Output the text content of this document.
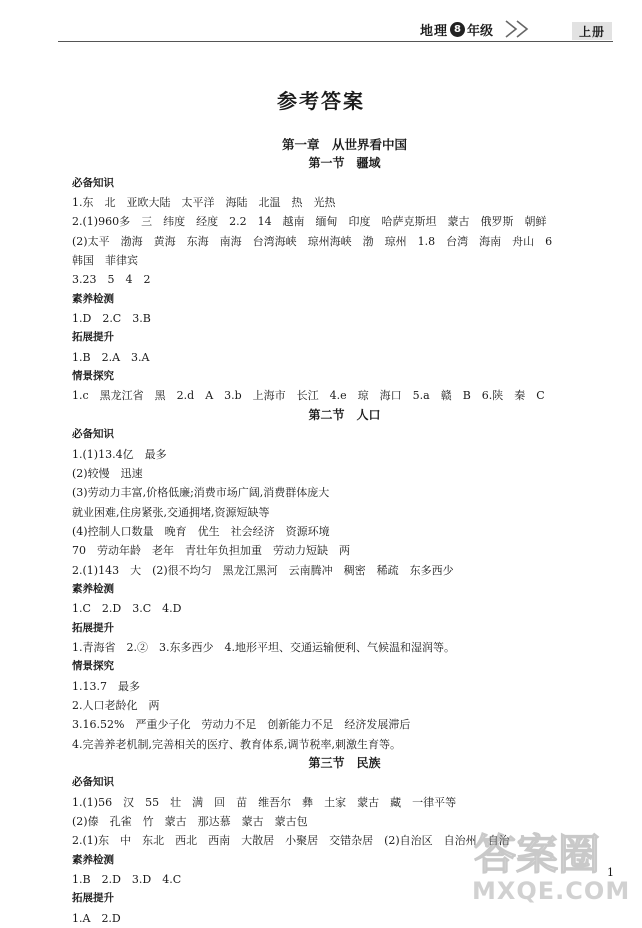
地理 8 年级	上册
参考答案
第一章　从世界看中国
第一节　疆域
必备知识
1.东　北　亚欧大陆　太平洋　海陆　北温　热　光热
2.(1)960多　三　纬度　经度　2.2　14　越南　缅甸　印度　哈萨克斯坦　蒙古　俄罗斯　朝鲜
(2)太平　渤海　黄海　东海　南海　台湾海峡　琼州海峡　渤　琼州　1.8　台湾　海南　舟山　6
韩国　菲律宾
3.23　5　4　2
素养检测
1.D　2.C　3.B
拓展提升
1.B　2.A　3.A
情景探究
1.c　黑龙江省　黑　2.d　A　3.b　上海市　长江　4.e　琼　海口　5.a　赣　B　6.陕　秦　C
第二节　人口
必备知识
1.(1)13.4亿　最多
(2)较慢　迅速
(3)劳动力丰富,价格低廉;消费市场广阔,消费群体庞大
就业困难,住房紧张,交通拥堵,资源短缺等
(4)控制人口数量　晚育　优生　社会经济　资源环境
70　劳动年龄　老年　青壮年负担加重　劳动力短缺　两
2.(1)143　大　(2)很不均匀　黑龙江黑河　云南腾冲　稠密　稀疏　东多西少
素养检测
1.C　2.D　3.C　4.D
拓展提升
1.青海省　2.②　3.东多西少　4.地形平坦、交通运输便利、气候温和湿润等。
情景探究
1.13.7　最多
2.人口老龄化　两
3.16.52%　严重少子化　劳动力不足　创新能力不足　经济发展滞后
4.完善养老机制,完善相关的医疗、教育体系,调节税率,刺激生育等。
第三节　民族
必备知识
1.(1)56　汉　55　壮　满　回　苗　维吾尔　彝　土家　蒙古　藏　一律平等
(2)傣　孔雀　竹　蒙古　那达慕　蒙古　蒙古包
2.(1)东　中　东北　西北　西南　大散居　小聚居　交错杂居　(2)自治区　自治州　自治
素养检测
1.B　2.D　3.D　4.C
拓展提升
1.A　2.D
1
答案圈
MXQE.COM
